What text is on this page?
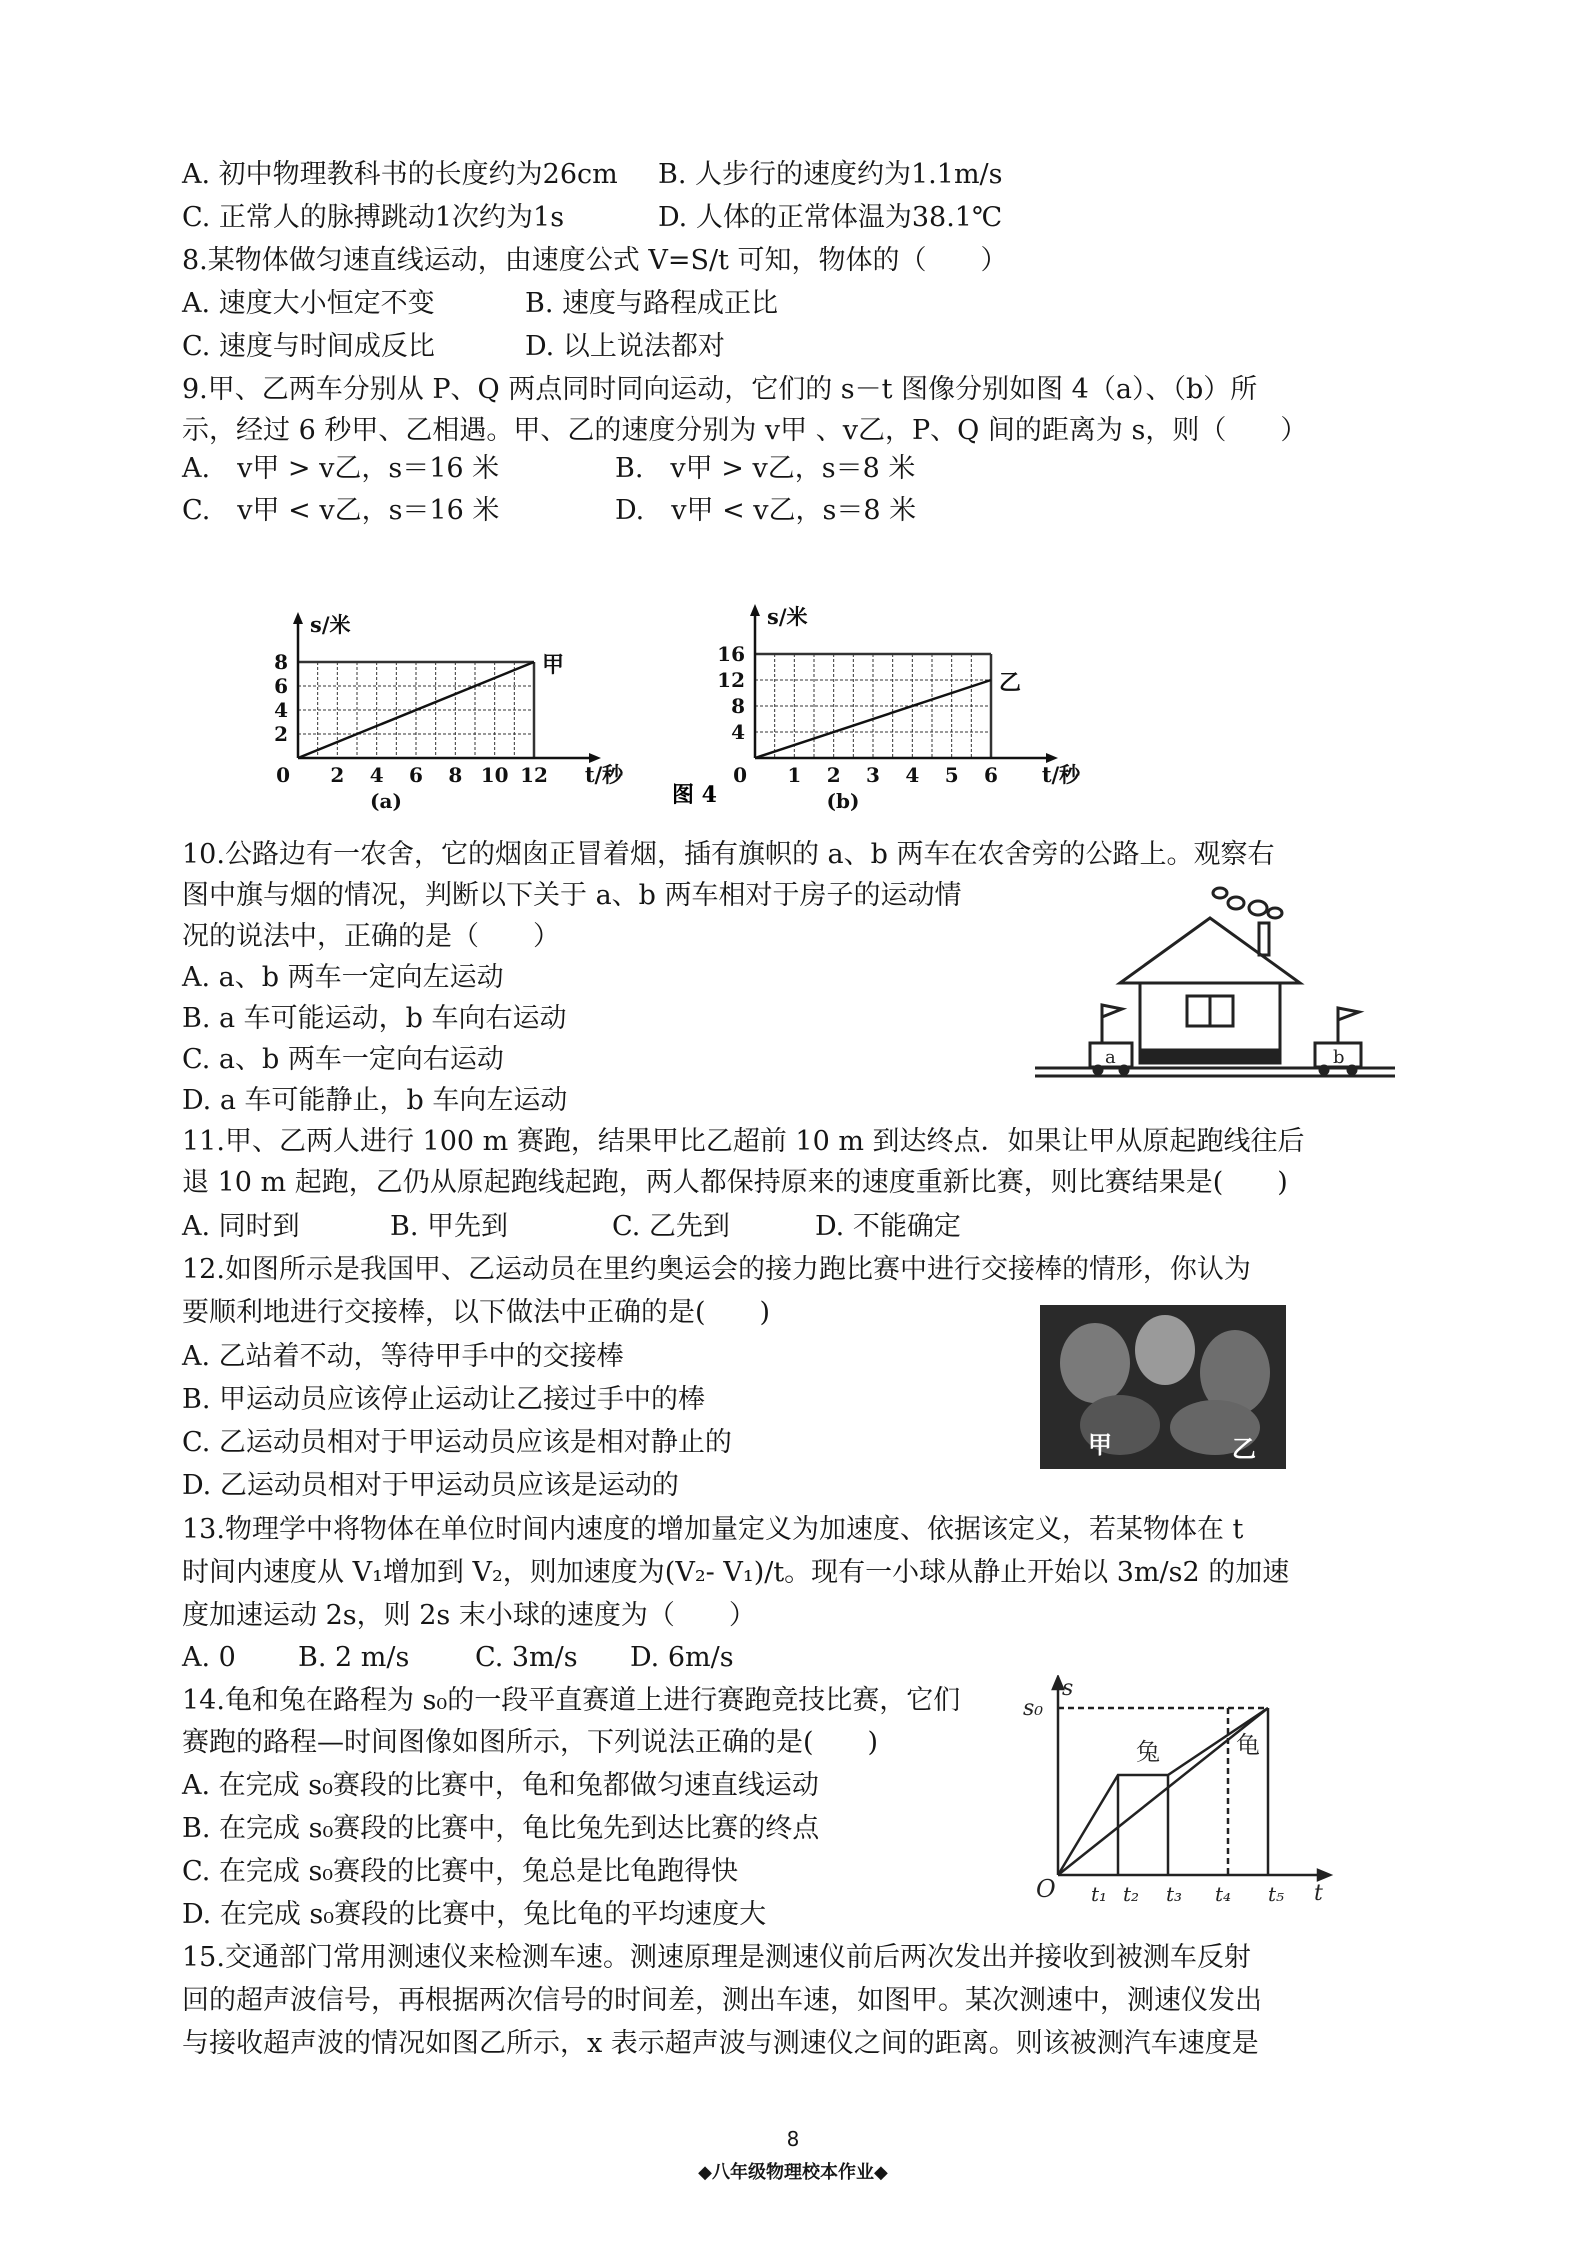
A. 初中物理教科书的长度约为26cm B. 人步行的速度约为1.1m/s
C. 正常人的脉搏跳动1次约为1s	D. 人体的正常体温为38.1℃
8.某物体做匀速直线运动，由速度公式 V=S/t 可知，物体的（　　）
A. 速度大小恒定不变	B. 速度与路程成正比
C. 速度与时间成反比	D. 以上说法都对
9.甲、乙两车分别从 P、Q 两点同时同向运动，它们的 s－t 图像分别如图 4（a）、（b）所
示，经过 6 秒甲、乙相遇。甲、乙的速度分别为 v甲 、v乙，P、Q 间的距离为 s，则（　　）
A.　v甲 > v乙，s＝16 米	B.　v甲 > v乙，s＝8 米
C.　v甲 < v乙，s＝16 米	D.　v甲 < v乙，s＝8 米
2
4
6
8
2 4 6 8 10 12
0
s/米
t/秒
甲
(a)
4
8
12
16
1 2 3 4 5 6
0
s/米
t/秒
乙
(b)
图 4
10.公路边有一农舍，它的烟囱正冒着烟，插有旗帜的 a、b 两车在农舍旁的公路上。观察右
图中旗与烟的情况，判断以下关于 a、b 两车相对于房子的运动情
况的说法中，正确的是（　　）
A. a、b 两车一定向左运动
B. a 车可能运动，b 车向右运动
C. a、b 两车一定向右运动
D. a 车可能静止，b 车向左运动
a	b
11.甲、乙两人进行 100 m 赛跑，结果甲比乙超前 10 m 到达终点．如果让甲从原起跑线往后
退 10 m 起跑，乙仍从原起跑线起跑，两人都保持原来的速度重新比赛，则比赛结果是(　　)
A. 同时到	B. 甲先到	C. 乙先到	D. 不能确定
12.如图所示是我国甲、乙运动员在里约奥运会的接力跑比赛中进行交接棒的情形，你认为
要顺利地进行交接棒，以下做法中正确的是(　　)
A. 乙站着不动，等待甲手中的交接棒
B. 甲运动员应该停止运动让乙接过手中的棒
C. 乙运动员相对于甲运动员应该是相对静止的
D. 乙运动员相对于甲运动员应该是运动的
甲	乙
13.物理学中将物体在单位时间内速度的增加量定义为加速度、依据该定义，若某物体在 t
时间内速度从 V₁增加到 V₂，则加速度为(V₂- V₁)/t。现有一小球从静止开始以 3m/s2 的加速
度加速运动 2s，则 2s 末小球的速度为（　　）
A. 0 B. 2 m/s C. 3m/s D. 6m/s
14.龟和兔在路程为 s₀的一段平直赛道上进行赛跑竞技比赛，它们
赛跑的路程—时间图像如图所示，下列说法正确的是(　　)
A. 在完成 s₀赛段的比赛中，龟和兔都做匀速直线运动
B. 在完成 s₀赛段的比赛中，龟比兔先到达比赛的终点
C. 在完成 s₀赛段的比赛中，兔总是比龟跑得快
D. 在完成 s₀赛段的比赛中，兔比龟的平均速度大
s
s₀
O	t
t₁ t₂ t₃ t₄ t₅
兔	龟
15.交通部门常用测速仪来检测车速。测速原理是测速仪前后两次发出并接收到被测车反射
回的超声波信号，再根据两次信号的时间差，测出车速，如图甲。某次测速中，测速仪发出
与接收超声波的情况如图乙所示，x 表示超声波与测速仪之间的距离。则该被测汽车速度是
8
◆八年级物理校本作业◆
